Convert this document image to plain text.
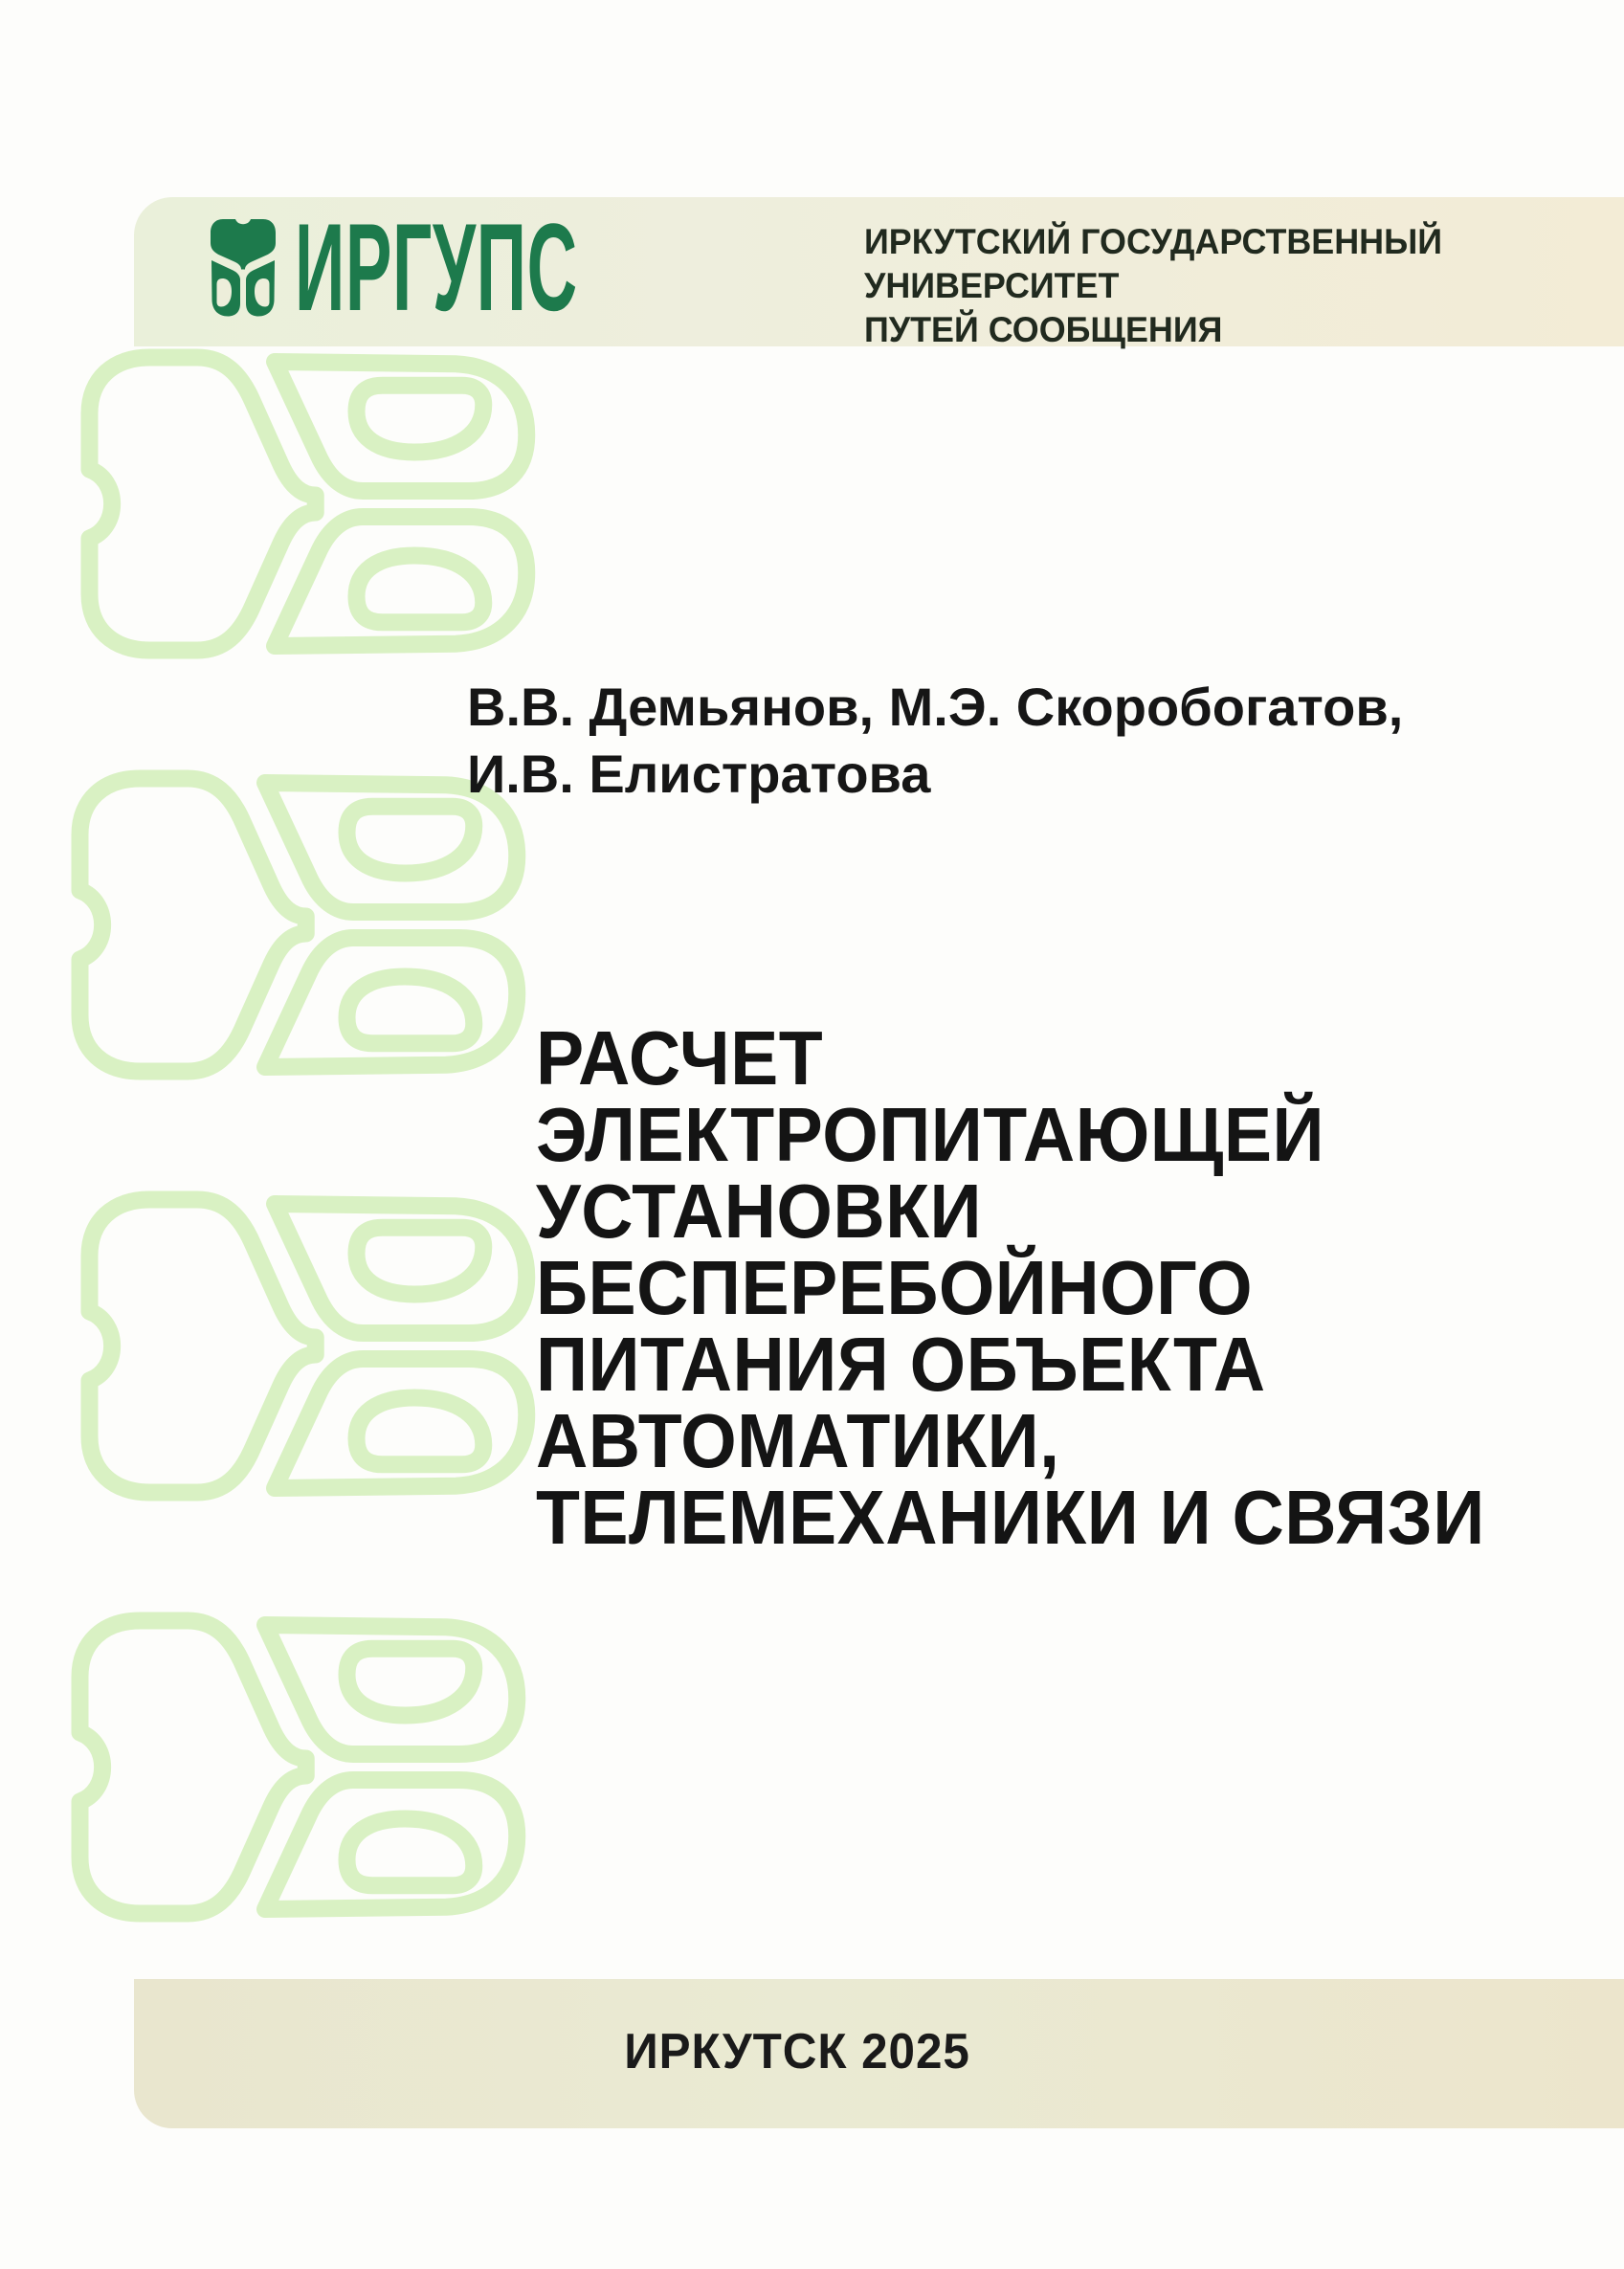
ИРГУПС	ИРКУТСКИЙ ГОСУДАРСТВЕННЫЙ
УНИВЕРСИТЕТ
ПУТЕЙ СООБЩЕНИЯ
В.В. Демьянов, М.Э. Скоробогатов,
И.В. Елистратова
РАСЧЕТ
ЭЛЕКТРОПИТАЮЩЕЙ
УСТАНОВКИ
БЕСПЕРЕБОЙНОГО
ПИТАНИЯ ОБЪЕКТА
АВТОМАТИКИ,
ТЕЛЕМЕХАНИКИ И СВЯЗИ
ИРКУТСК 2025
